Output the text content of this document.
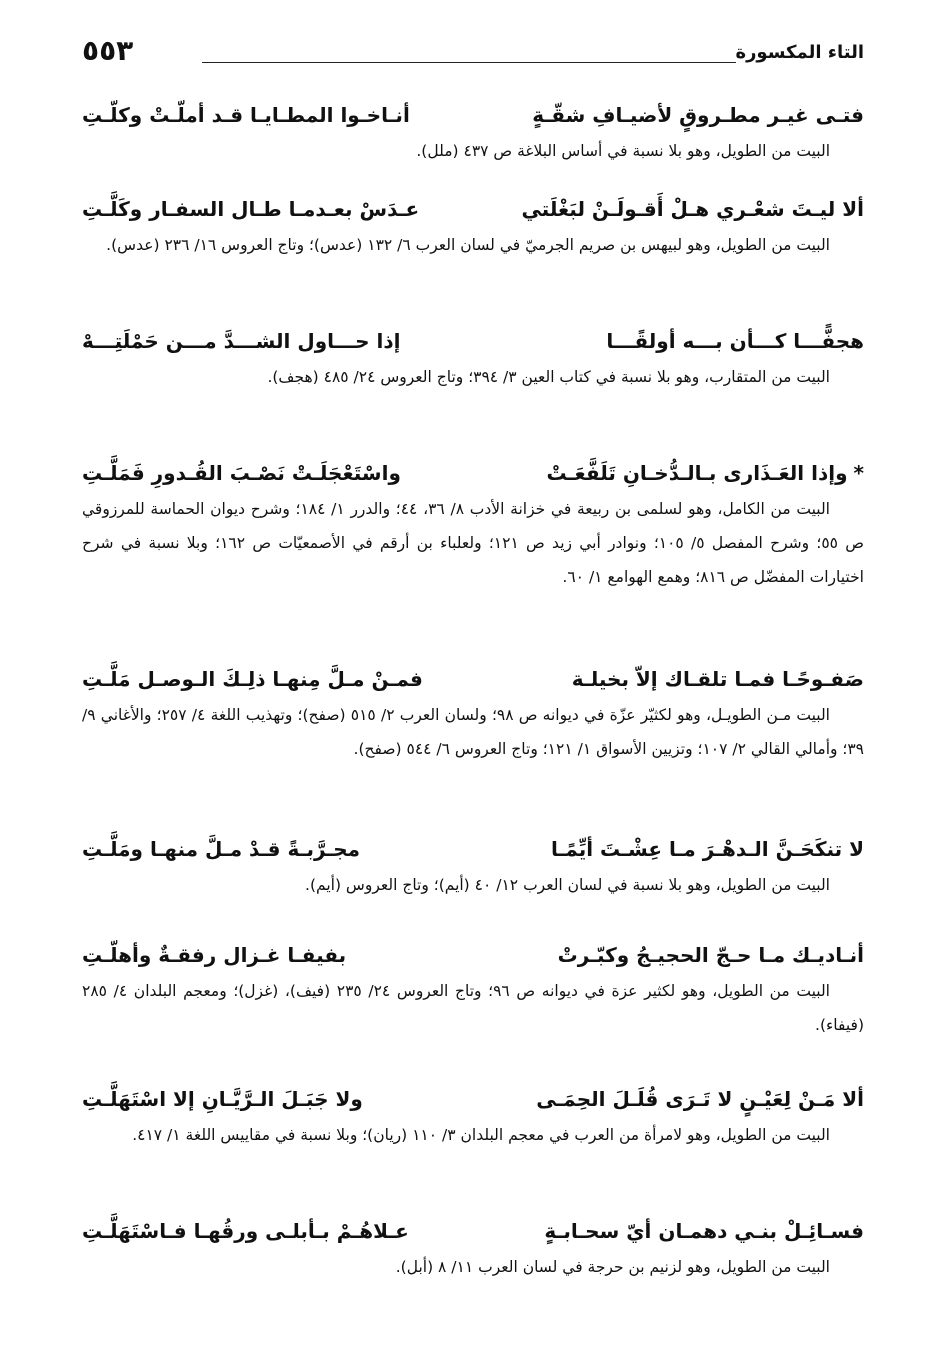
التاء المكسورة
٥٥٣
فتـى غيـر مطـروقٍ لأضيـافِ شقّـةٍ
أنـاخـوا المطـايـا قـد أملّـتْ وكلّـتِ
البيت من الطويل، وهو بلا نسبة في أساس البلاغة ص ٤٣٧ (ملل).
ألا ليـتَ شعْـري هـلْ أَقـولَـنْ لبَغْلَتي
عـدَسْ بعـدمـا طـال السفـار وكَلَّـتِ
البيت من الطويل، وهو لبيهس بن صريم الجرميّ في لسان العرب ٦/ ١٣٢ (عدس)؛ وتاج العروس ١٦/ ٢٣٦ (عدس).
هجفًّـــا كـــأن بـــه أولقًـــا
إذا حـــاول الشـــدَّ مـــن حَمْلَتِـــهْ
البيت من المتقارب، وهو بلا نسبة في كتاب العين ٣/ ٣٩٤؛ وتاج العروس ٢٤/ ٤٨٥ (هجف).
*وإذا العَـذَارى بـالـدُّخـانِ تَلَفَّعَـتْ
واسْتَعْجَلَـتْ نَصْـبَ القُـدورِ فَمَلَّـتِ
البيت من الكامل، وهو لسلمى بن ربيعة في خزانة الأدب ٨/ ٣٦، ٤٤؛ والدرر ١/ ١٨٤؛ وشرح ديوان الحماسة للمرزوقي ص ٥٥؛ وشرح المفصل ٥/ ١٠٥؛ ونوادر أبي زيد ص ١٢١؛ ولعلباء بن أرقم في الأصمعيّات ص ١٦٢؛ وبلا نسبة في شرح اختيارات المفضّل ص ٨١٦؛ وهمع الهوامع ١/ ٦٠.
صَفـوحًـا فمـا تلقـاك إلاّ بخيلـة
فمـنْ مـلَّ مِنهـا ذلِـكَ الـوصـل مَلَّـتِ
البيت مـن الطويـل، وهو لكثيّر عزّة في ديوانه ص ٩٨؛ ولسان العرب ٢/ ٥١٥ (صفح)؛ وتهذيب اللغة ٤/ ٢٥٧؛ والأغاني ٩/ ٣٩؛ وأمالي القالي ٢/ ١٠٧؛ وتزيين الأسواق ١/ ١٢١؛ وتاج العروس ٦/ ٥٤٤ (صفح).
لا تنكَحَـنَّ الـدهْـرَ مـا عِشْـتَ أيِّمًـا
مجـرَّبـةً قـدْ مـلَّ منهـا ومَلَّـتِ
البيت من الطويل، وهو بلا نسبة في لسان العرب ١٢/ ٤٠ (أيم)؛ وتاج العروس (أيم).
أنـاديـك مـا حـجّ الحجيـجُ وكبّـرتْ
بفيفـا غـزال رفقـةٌ وأهلّـتِ
البيت من الطويل، وهو لكثير عزة في ديوانه ص ٩٦؛ وتاج العروس ٢٤/ ٢٣٥ (فيف)، (غزل)؛ ومعجم البلدان ٤/ ٢٨٥ (فيفاء).
ألا مَـنْ لِعَيْـنٍ لا تَـرَى قُلَـلَ الحِمَـى
ولا جَبَـلَ الـرَّيَّـانِ إلا اسْتَهَلَّـتِ
البيت من الطويل، وهو لامرأة من العرب في معجم البلدان ٣/ ١١٠ (ريان)؛ وبلا نسبة في مقاييس اللغة ١/ ٤١٧.
فسـائِـلْ بنـي دهمـان أيّ سحـابـةٍ
عـلاهُـمْ بـأبلـى ورقُهـا فـاسْتَهَلَّـتِ
البيت من الطويل، وهو لزنيم بن حرجة في لسان العرب ١١/ ٨ (أبل).
